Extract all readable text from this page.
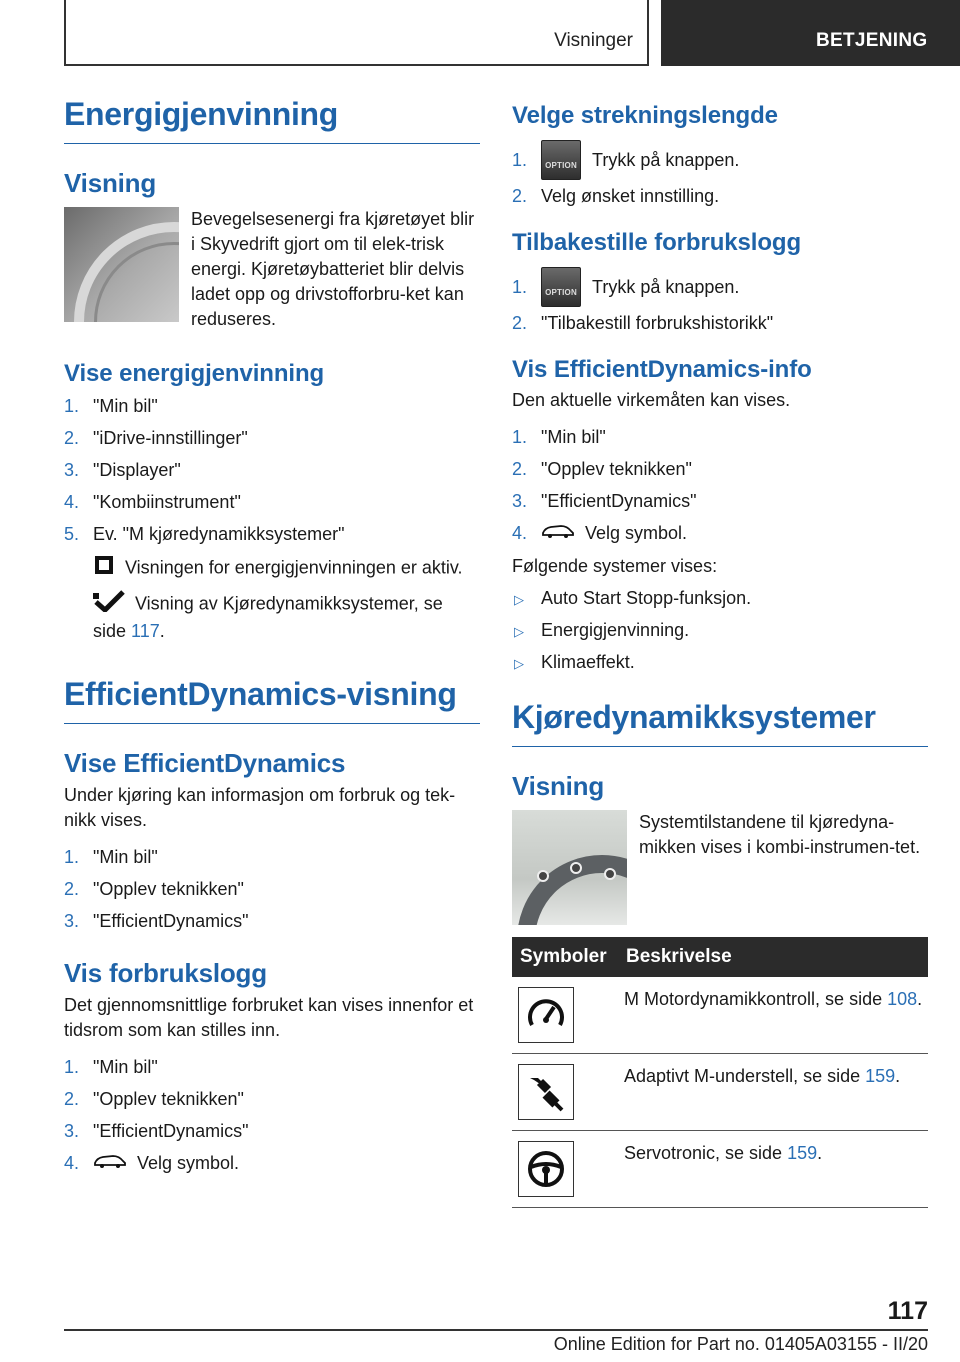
Visninger	BETJENING
Energigjenvinning
Visning

Bevegelsesenergi fra kjøretøyet blir i Skyvedrift gjort om til elek-trisk energi. Kjøretøybatteriet blir delvis ladet opp og drivstofforbru-ket kan reduseres.

Vise energigjenvinning
1. "Min bil"
2. "iDrive-innstillinger"
3. "Displayer"
4. "Kombiinstrument"
5. Ev. "M kjøredynamikksystemer"

Visningen for energigjenvinningen er aktiv.

Visning av Kjøredynamikksystemer, se side 117.

EfficientDynamics-visning
Vise EfficientDynamics

Under kjøring kan informasjon om forbruk og tek-nikk vises.

1. "Min bil"
2. "Opplev teknikken"
3. "EfficientDynamics"
Vis forbrukslogg

Det gjennomsnittlige forbruket kan vises innenfor et tidsrom som kan stilles inn.

1. "Min bil"
2. "Opplev teknikken"
3. "EfficientDynamics"
4.	Velg symbol.
Velge strekningslengde
1.	OPTION Trykk på knappen.
2. Velg ønsket innstilling.
Tilbakestille forbrukslogg
1.	OPTION Trykk på knappen.
2. "Tilbakestill forbrukshistorikk"
Vis EfficientDynamics-info

Den aktuelle virkemåten kan vises.

1. "Min bil"
2. "Opplev teknikken"
3. "EfficientDynamics"
4.	Velg symbol.

Følgende systemer vises:

▷ Auto Start Stopp-funksjon.
▷ Energigjenvinning.
▷ Klimaeffekt.
Kjøredynamikksystemer
Visning

Systemtilstandene til kjøredyna-mikken vises i kombi-instrumen-tet.

Symboler	Beskrivelse

	M Motordynamikkontroll, se side 108.

	Adaptivt M-understell, se side 159.

	Servotronic, se side 159.
117
Online Edition for Part no. 01405A03155 - II/20
